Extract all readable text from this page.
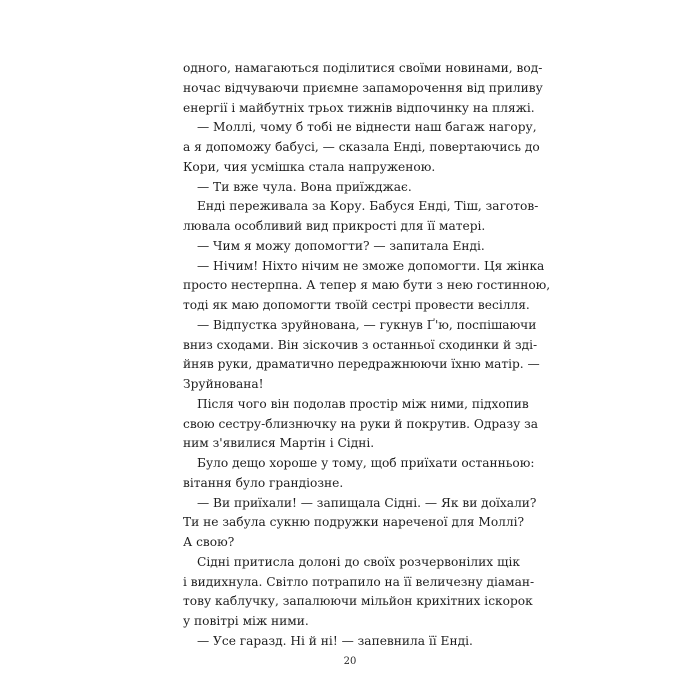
одного, намагаються поділитися своїми новинами, вод-
ночас відчуваючи приємне запаморочення від приливу
енергії і майбутніх трьох тижнів відпочинку на пляжі.
— Моллі, чому б тобі не віднести наш багаж нагору,
а я допоможу бабусі, — сказала Енді, повертаючись до
Кори, чия усмішка стала напруженою.
— Ти вже чула. Вона приїжджає.
Енді переживала за Кору. Бабуся Енді, Тіш, заготов-
лювала особливий вид прикрості для її матері.
— Чим я можу допомогти? — запитала Енді.
— Нічим! Ніхто нічим не зможе допомогти. Ця жінка
просто нестерпна. А тепер я маю бути з нею гостинною,
тоді як маю допомогти твоїй сестрі провести весілля.
— Відпустка зруйнована, — гукнув Ґ'ю, поспішаючи
вниз сходами. Він зіскочив з останньої сходинки й зді-
йняв руки, драматично передражнюючи їхню матір. —
Зруйнована!
Після чого він подолав простір між ними, підхопив
свою сестру-близнючку на руки й покрутив. Одразу за
ним з'явилися Мартін і Сідні.
Було дещо хороше у тому, щоб приїхати останньою:
вітання було грандіозне.
— Ви приїхали! — запищала Сідні. — Як ви доїхали?
Ти не забула сукню подружки нареченої для Моллі?
А свою?
Сідні притисла долоні до своїх розчервонілих щік
і видихнула. Світло потрапило на її величезну діаман-
тову каблучку, запалюючи мільйон крихітних іскорок
у повітрі між ними.
— Усе гаразд. Ні й ні! — запевнила її Енді.
20
